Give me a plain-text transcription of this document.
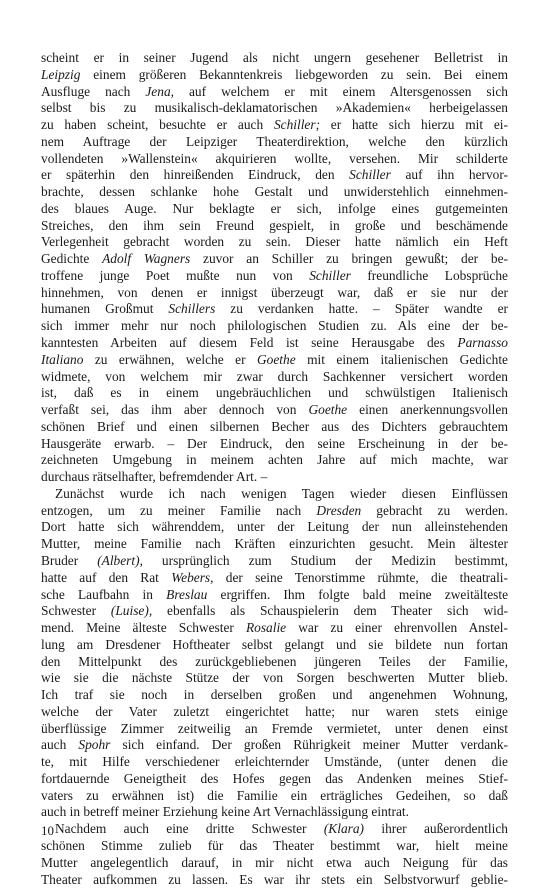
scheint er in seiner Jugend als nicht ungern gesehener Belletrist in
Leipzig einem größeren Bekanntenkreis liebgeworden zu sein. Bei einem
Ausfluge nach Jena, auf welchem er mit einem Altersgenossen sich
selbst bis zu musikalisch-deklamatorischen »Akademien« herbeigelassen
zu haben scheint, besuchte er auch Schiller; er hatte sich hierzu mit ei-
nem Auftrage der Leipziger Theaterdirektion, welche den kürzlich
vollendeten »Wallenstein« akquirieren wollte, versehen. Mir schilderte
er späterhin den hinreißenden Eindruck, den Schiller auf ihn hervor-
brachte, dessen schlanke hohe Gestalt und unwiderstehlich einnehmen-
des blaues Auge. Nur beklagte er sich, infolge eines gutgemeinten
Streiches, den ihm sein Freund gespielt, in große und beschämende
Verlegenheit gebracht worden zu sein. Dieser hatte nämlich ein Heft
Gedichte Adolf Wagners zuvor an Schiller zu bringen gewußt; der be-
troffene junge Poet mußte nun von Schiller freundliche Lobsprüche
hinnehmen, von denen er innigst überzeugt war, daß er sie nur der
humanen Großmut Schillers zu verdanken hatte. – Später wandte er
sich immer mehr nur noch philologischen Studien zu. Als eine der be-
kanntesten Arbeiten auf diesem Feld ist seine Herausgabe des Parnasso
Italiano zu erwähnen, welche er Goethe mit einem italienischen Gedichte
widmete, von welchem mir zwar durch Sachkenner versichert worden
ist, daß es in einem ungebräuchlichen und schwülstigen Italienisch
verfaßt sei, das ihm aber dennoch von Goethe einen anerkennungsvollen
schönen Brief und einen silbernen Becher aus des Dichters gebrauchtem
Hausgeräte erwarb. – Der Eindruck, den seine Erscheinung in der be-
zeichneten Umgebung in meinem achten Jahre auf mich machte, war
durchaus rätselhafter, befremdender Art. –
Zunächst wurde ich nach wenigen Tagen wieder diesen Einflüssen
entzogen, um zu meiner Familie nach Dresden gebracht zu werden.
Dort hatte sich währenddem, unter der Leitung der nun alleinstehenden
Mutter, meine Familie nach Kräften einzurichten gesucht. Mein ältester
Bruder (Albert), ursprünglich zum Studium der Medizin bestimmt,
hatte auf den Rat Webers, der seine Tenorstimme rühmte, die theatrali-
sche Laufbahn in Breslau ergriffen. Ihm folgte bald meine zweitälteste
Schwester (Luise), ebenfalls als Schauspielerin dem Theater sich wid-
mend. Meine älteste Schwester Rosalie war zu einer ehrenvollen Anstel-
lung am Dresdener Hoftheater selbst gelangt und sie bildete nun fortan
den Mittelpunkt des zurückgebliebenen jüngeren Teiles der Familie,
wie sie die nächste Stütze der von Sorgen beschwerten Mutter blieb.
Ich traf sie noch in derselben großen und angenehmen Wohnung,
welche der Vater zuletzt eingerichtet hatte; nur waren stets einige
überflüssige Zimmer zeitweilig an Fremde vermietet, unter denen einst
auch Spohr sich einfand. Der großen Rührigkeit meiner Mutter verdank-
te, mit Hilfe verschiedener erleichternder Umstände, (unter denen die
fortdauernde Geneigtheit des Hofes gegen das Andenken meines Stief-
vaters zu erwähnen ist) die Familie ein erträgliches Gedeihen, so daß
auch in betreff meiner Erziehung keine Art Vernachlässigung eintrat.
Nachdem auch eine dritte Schwester (Klara) ihrer außerordentlich
schönen Stimme zulieb für das Theater bestimmt war, hielt meine
Mutter angelegentlich darauf, in mir nicht etwa auch Neigung für das
Theater aufkommen zu lassen. Es war ihr stets ein Selbstvorwurf geblie-
10
